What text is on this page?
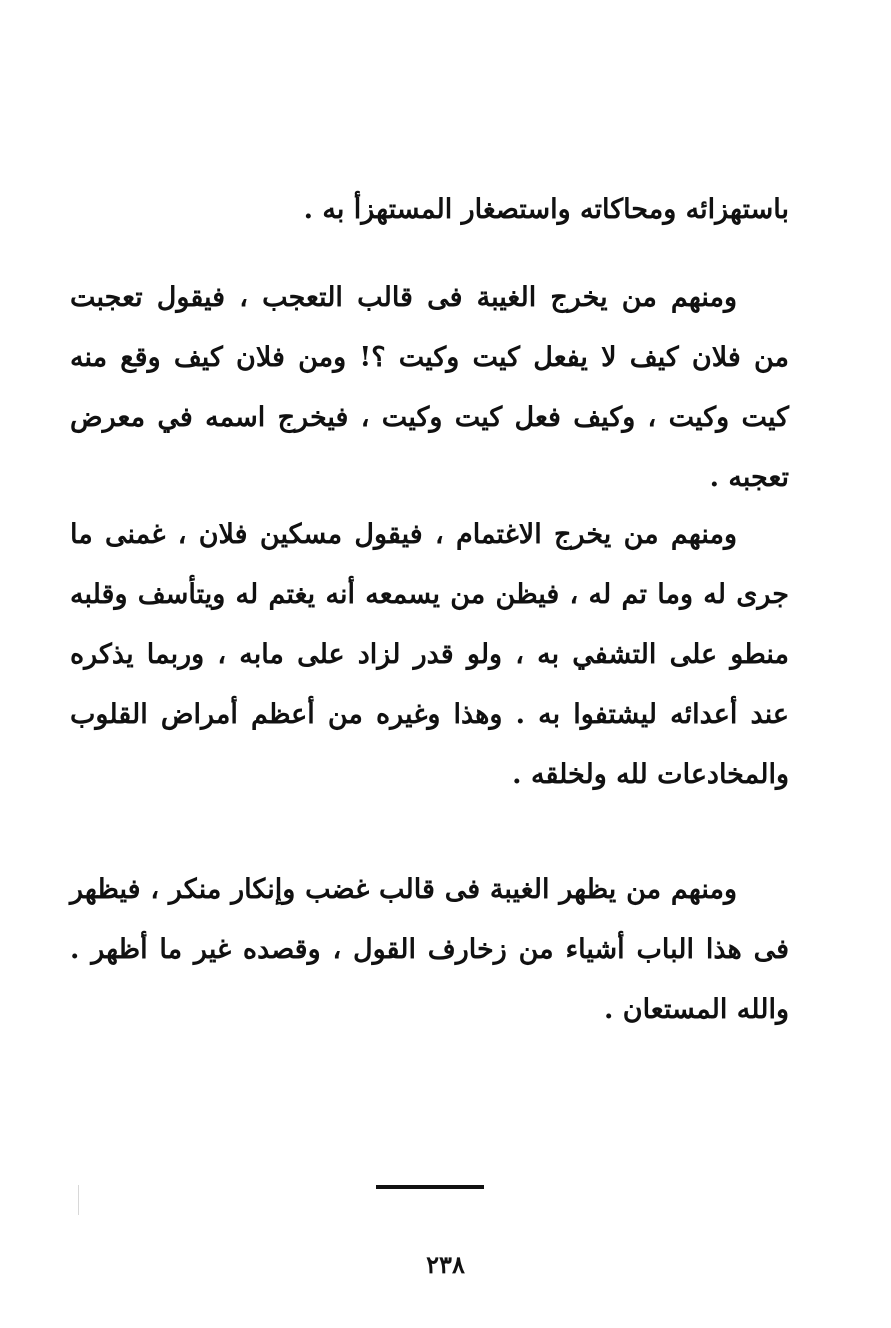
باستهزائه ومحاكاته واستصغار المستهزأ به .

ومنهم من يخرج الغيبة فى قالب التعجب ، فيقول تعجبت من فلان كيف لا يفعل كيت وكيت ؟! ومن فلان كيف وقع منه كيت وكيت ، وكيف فعل كيت وكيت ، فيخرج اسمه في معرض تعجبه .

ومنهم من يخرج الاغتمام ، فيقول مسكين فلان ، غمنى ما جرى له وما تم له ، فيظن من يسمعه أنه يغتم له ويتأسف وقلبه منطو على التشفي به ، ولو قدر لزاد على مابه ، وربما يذكره عند أعدائه ليشتفوا به . وهذا وغيره من أعظم أمراض القلوب والمخادعات لله ولخلقه .

ومنهم من يظهر الغيبة فى قالب غضب وإنكار منكر ، فيظهر فى هذا الباب أشياء من زخارف القول ، وقصده غير ما أظهر . والله المستعان .

٢٣٨
